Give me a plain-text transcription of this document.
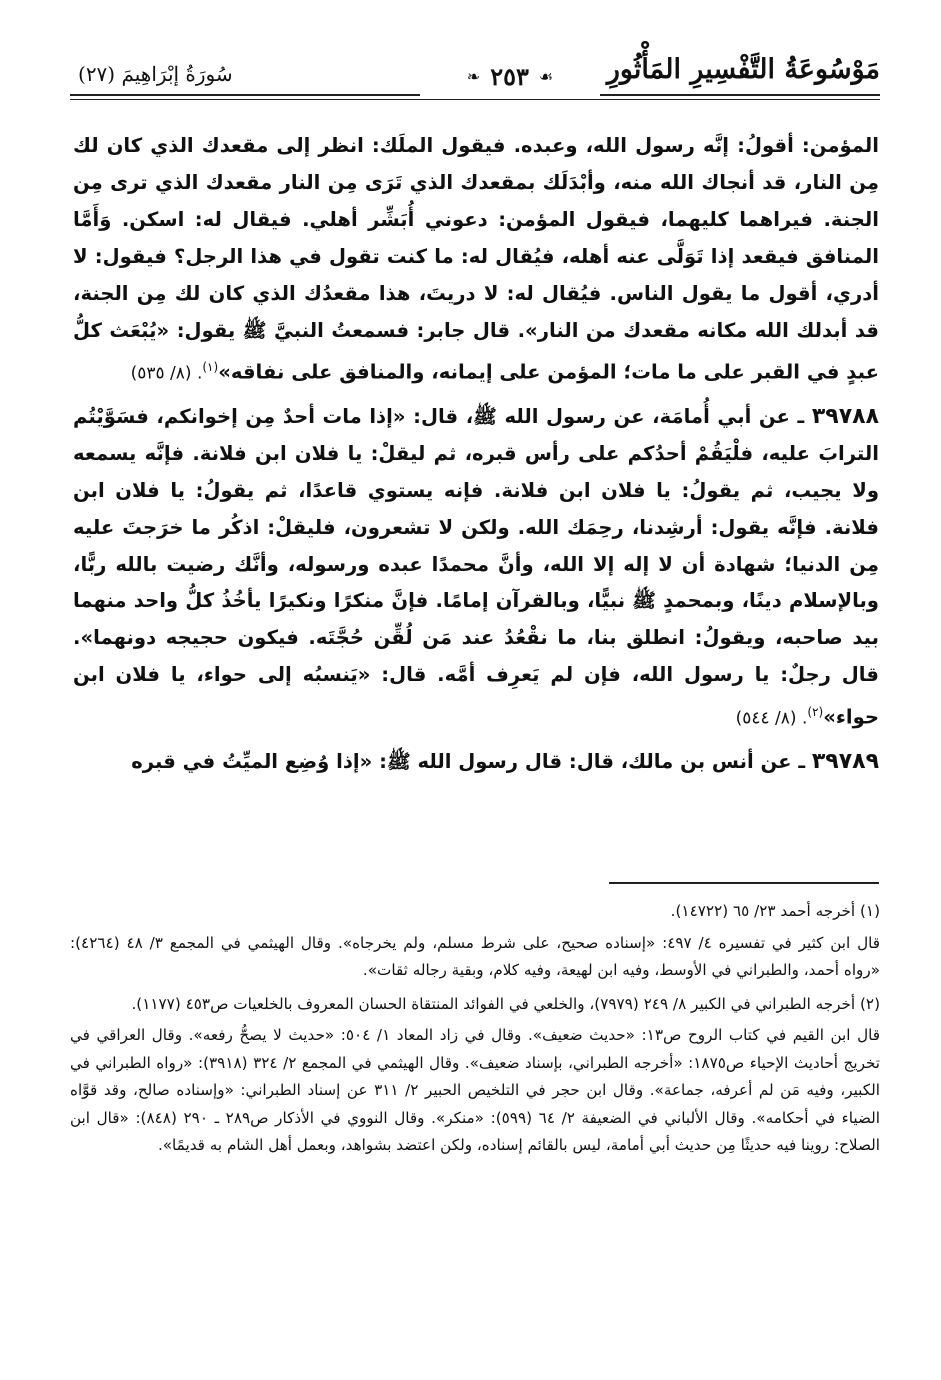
مَوْسُوعَةُ التَّفْسِيرِ المَأْثُورِ
❧ ٢٥٣ ☙
سُورَةُ إبْرَاهِيمَ (٢٧)

المؤمن: أقولُ: إنَّه رسول الله، وعبده. فيقول الملَك: انظر إلى مقعدك الذي كان لك مِن النار، قد أنجاك الله منه، وأبْدَلَك بمقعدك الذي تَرَى مِن النار مقعدك الذي ترى مِن الجنة. فيراهما كليهما، فيقول المؤمن: دعوني أُبَشِّر أهلي. فيقال له: اسكن. وَأَمَّا المنافق فيقعد إذا تَوَلَّى عنه أهله، فيُقال له: ما كنت تقول في هذا الرجل؟ فيقول: لا أدري، أقول ما يقول الناس. فيُقال له: لا دريتَ، هذا مقعدُك الذي كان لك مِن الجنة، قد أبدلك الله مكانه مقعدك من النار». قال جابر: فسمعتُ النبيَّ ﷺ يقول: «يُبْعَث كلُّ عبدٍ في القبر على ما مات؛ المؤمن على إيمانه، والمنافق على نفاقه»$^{(١)}$. (٨/ ٥٣٥)

٣٩٧٨٨ ـ عن أبي أُمامَة، عن رسول الله ﷺ، قال: «إذا مات أحدٌ مِن إخوانكم، فسَوَّيْتُم الترابَ عليه، فلْيَقُمْ أحدُكم على رأس قبره، ثم ليقلْ: يا فلان ابن فلانة. فإنَّه يسمعه ولا يجيب، ثم يقولُ: يا فلان ابن فلانة. فإنه يستوي قاعدًا، ثم يقولُ: يا فلان ابن فلانة. فإنَّه يقول: أرشِدنا، رحِمَك الله. ولكن لا تشعرون، فليقلْ: اذكُر ما خرَجتَ عليه مِن الدنيا؛ شهادة أن لا إله إلا الله، وأنَّ محمدًا عبده ورسوله، وأنَّك رضيت بالله ربًّا، وبالإسلام دينًا، وبمحمدٍ ﷺ نبيًّا، وبالقرآن إمامًا. فإنَّ منكرًا ونكيرًا يأخُذُ كلُّ واحد منهما بيد صاحبه، ويقولُ: انطلق بنا، ما نقْعُدُ عند مَن لُقِّن حُجَّتَه. فيكون حجيجه دونهما». قال رجلٌ: يا رسول الله، فإن لم يَعرِف أمَّه. قال: «يَنسبُه إلى حواء، يا فلان ابن حواء»$^{(٢)}$. (٨/ ٥٤٤)

٣٩٧٨٩ ـ عن أنس بن مالك، قال: قال رسول الله ﷺ: «إذا وُضِع الميِّتُ في قبره

(١) أخرجه أحمد ٢٣/ ٦٥ (١٤٧٢٢).

قال ابن كثير في تفسيره ٤/ ٤٩٧: «إسناده صحيح، على شرط مسلم، ولم يخرجاه». وقال الهيثمي في المجمع ٣/ ٤٨ (٤٢٦٤): «رواه أحمد، والطبراني في الأوسط، وفيه ابن لهيعة، وفيه كلام، وبقية رجاله ثقات».

(٢) أخرجه الطبراني في الكبير ٨/ ٢٤٩ (٧٩٧٩)، والخلعي في الفوائد المنتقاة الحسان المعروف بالخلعيات ص٤٥٣ (١١٧٧).

قال ابن القيم في كتاب الروح ص١٣: «حديث ضعيف». وقال في زاد المعاد ١/ ٥٠٤: «حديث لا يصحُّ رفعه». وقال العراقي في تخريج أحاديث الإحياء ص١٨٧٥: «أخرجه الطبراني، بإسناد ضعيف». وقال الهيثمي في المجمع ٢/ ٣٢٤ (٣٩١٨): «رواه الطبراني في الكبير، وفيه مَن لم أعرفه، جماعة». وقال ابن حجر في التلخيص الحبير ٢/ ٣١١ عن إسناد الطبراني: «وإسناده صالح، وقد قوَّاه الضياء في أحكامه». وقال الألباني في الضعيفة ٢/ ٦٤ (٥٩٩): «منكر». وقال النووي في الأذكار ص٢٨٩ ـ ٢٩٠ (٨٤٨): «قال ابن الصلاح: روينا فيه حديثًا مِن حديث أبي أمامة، ليس بالقائم إسناده، ولكن اعتضد بشواهد، وبعمل أهل الشام به قديمًا».
